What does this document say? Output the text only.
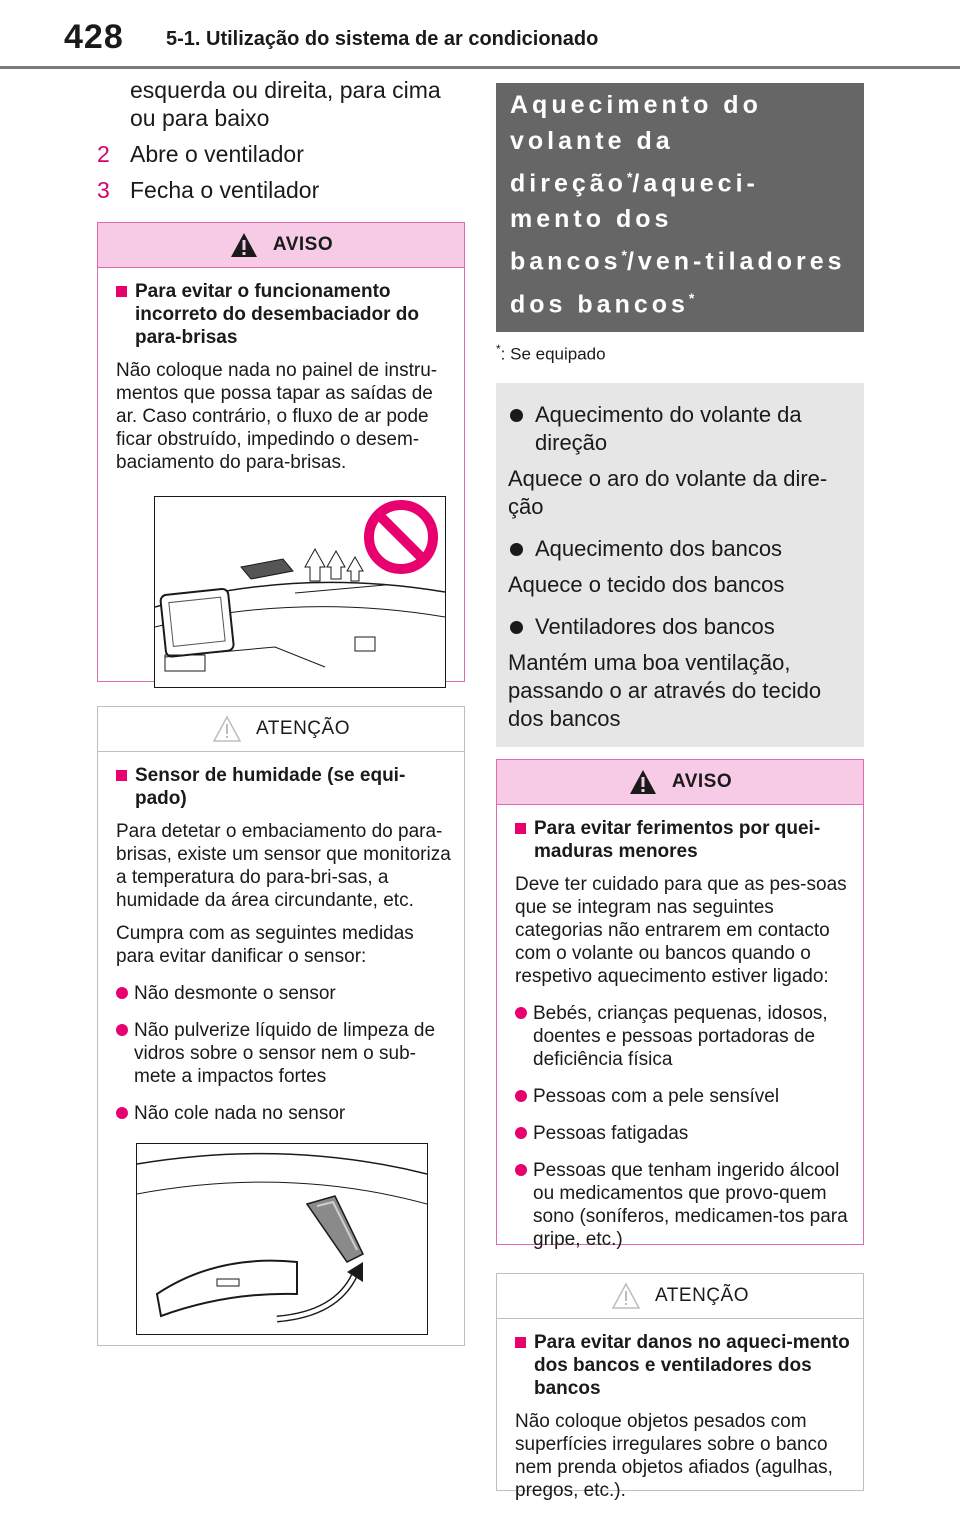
428 5-1. Utilização do sistema de ar condicionado

esquerda ou direita, para cima ou para baixo

2 Abre o ventilador
3 Fecha o ventilador
AVISO
Para evitar o funcionamento incorreto do desembaciador do para-brisas
Não coloque nada no painel de instru-mentos que possa tapar as saídas de ar. Caso contrário, o fluxo de ar pode ficar obstruído, impedindo o desem-baciamento do para-brisas.
ATENÇÃO
Sensor de humidade (se equi-pado)
Para detetar o embaciamento do para-brisas, existe um sensor que monitoriza a temperatura do para-bri-sas, a humidade da área circundante, etc.
Cumpra com as seguintes medidas para evitar danificar o sensor:
Não desmonte o sensor
Não pulverize líquido de limpeza de vidros sobre o sensor nem o sub-mete a impactos fortes
Não cole nada no sensor
Aquecimento do volante da direção*/aqueci-mento dos bancos*/ven-tiladores dos bancos*
*: Se equipado
Aquecimento do volante da direção
Aquece o aro do volante da dire-ção
Aquecimento dos bancos
Aquece o tecido dos bancos
Ventiladores dos bancos
Mantém uma boa ventilação, passando o ar através do tecido dos bancos
AVISO
Para evitar ferimentos por quei-maduras menores
Deve ter cuidado para que as pes-soas que se integram nas seguintes categorias não entrarem em contacto com o volante ou bancos quando o respetivo aquecimento estiver ligado:
Bebés, crianças pequenas, idosos, doentes e pessoas portadoras de deficiência física
Pessoas com a pele sensível
Pessoas fatigadas
Pessoas que tenham ingerido álcool ou medicamentos que provo-quem sono (soníferos, medicamen-tos para gripe, etc.)
ATENÇÃO
Para evitar danos no aqueci-mento dos bancos e ventiladores dos bancos
Não coloque objetos pesados com superfícies irregulares sobre o banco nem prenda objetos afiados (agulhas, pregos, etc.).
